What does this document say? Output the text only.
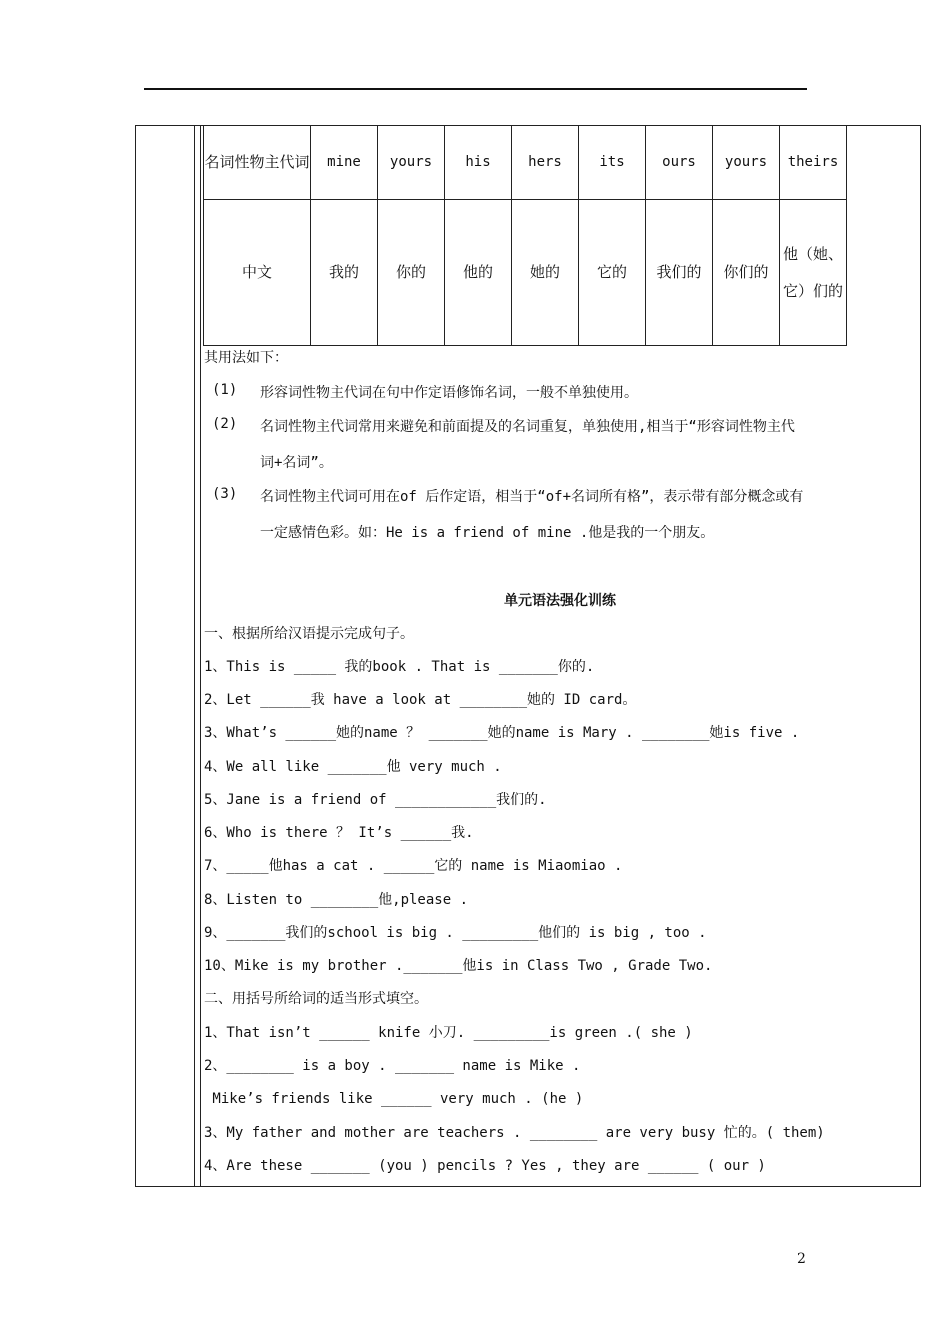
名词性物主代词	mine	yours	his	hers	its	ours	yours	theirs
中文	我的	你的	他的	她的	它的	我们的	你们的	他（她、它）们的
其用法如下：
(1) 形容词性物主代词在句中作定语修饰名词，一般不单独使用。
(2) 名词性物主代词常用来避免和前面提及的名词重复，单独使用,相当于“形容词性物主代
词+名词”。
(3) 名词性物主代词可用在of 后作定语，相当于“of+名词所有格”，表示带有部分概念或有
一定感情色彩。如：He is a friend of mine .他是我的一个朋友。
单元语法强化训练
一、根据所给汉语提示完成句子。
1、This is _____ 我的book . That is _______你的.
2、Let ______我 have a look at ________她的 ID card。
3、What’s ______她的name ？ _______她的name is Mary . ________她is five .
4、We all like _______他 very much .
5、Jane is a friend of ____________我们的.
6、Who is there ？ It’s ______我.
7、_____他has a cat . ______它的 name is Miaomiao .
8、Listen to ________他,please .
9、_______我们的school is big . _________他们的 is big , too .
10、Mike is my brother ._______他is in Class Two , Grade Two.
二、用括号所给词的适当形式填空。
1、That isn’t ______ knife 小刀. _________is green .( she )
2、________ is a boy . _______ name is Mike .
Mike’s friends like ______ very much . (he )
3、My father and mother are teachers . ________ are very busy 忙的。( them)
4、Are these _______ (you ) pencils ? Yes , they are ______ ( our )
2
